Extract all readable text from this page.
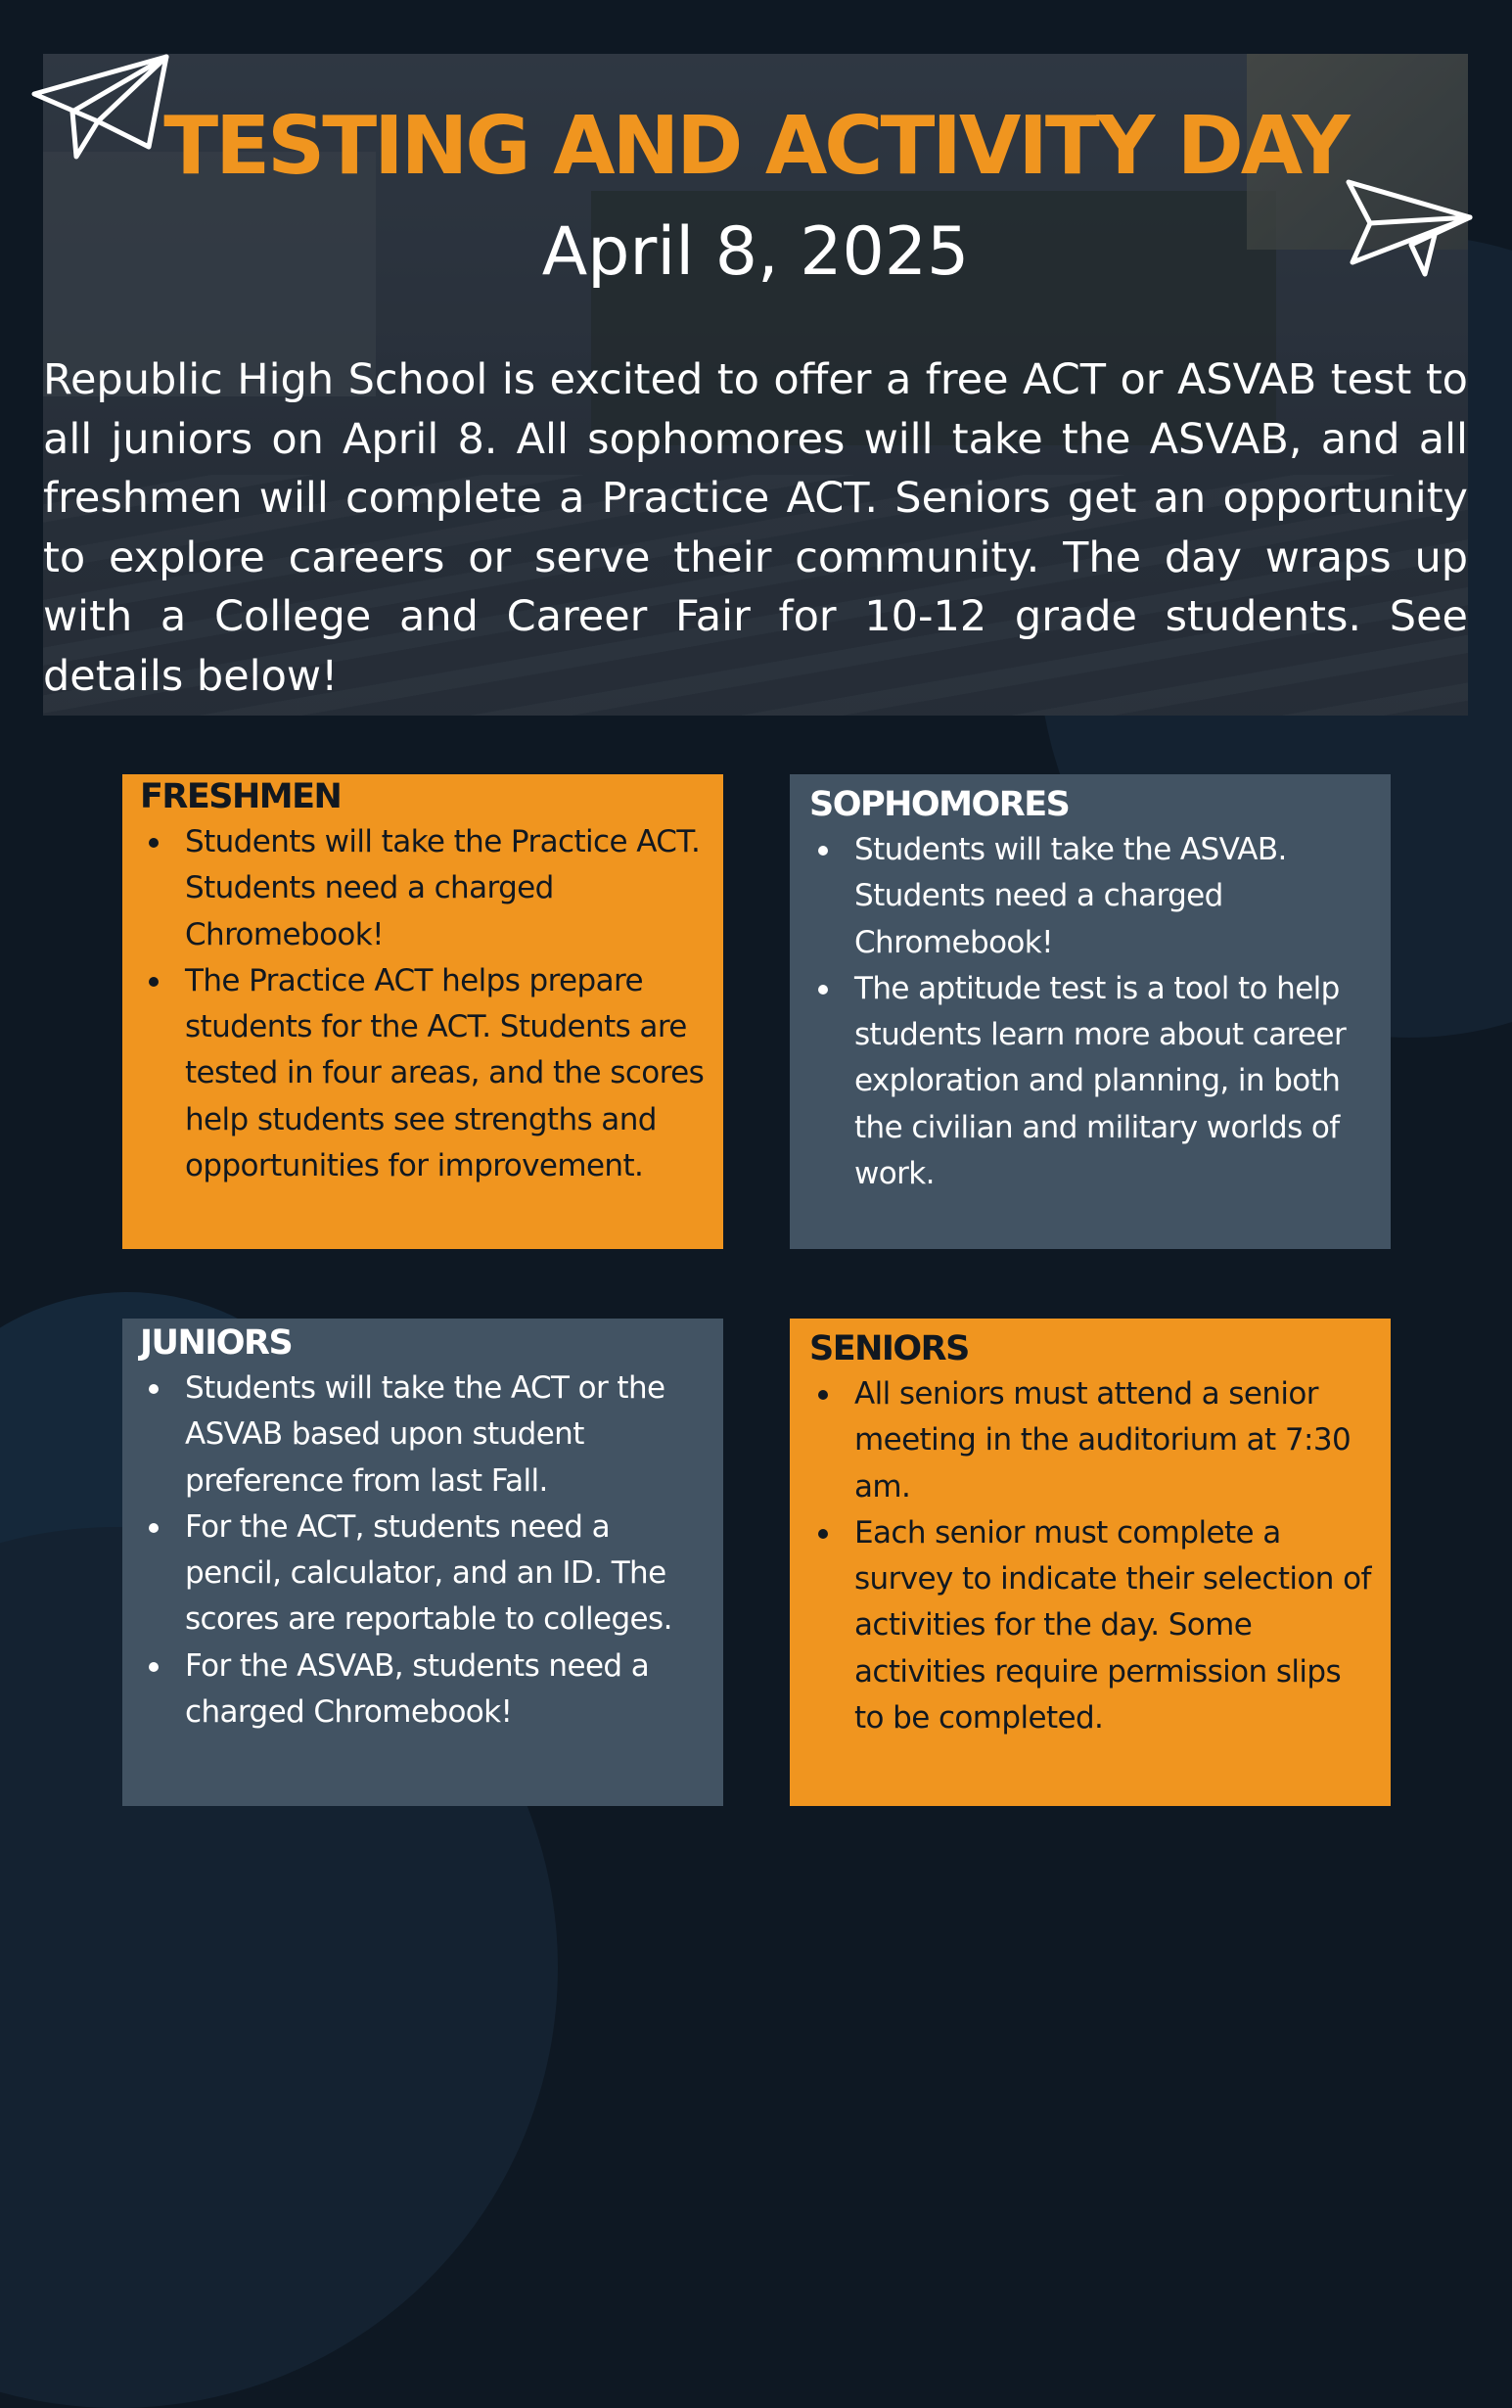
TESTING AND ACTIVITY DAY
April 8, 2025

Republic High School is excited to offer a free ACT or ASVAB test to all juniors on April 8. All sophomores will take the ASVAB, and all freshmen will complete a Practice ACT. Seniors get an opportunity to explore careers or serve their community. The day wraps up with a College and Career Fair for 10-12 grade students. See details below!

FRESHMEN
Students will take the Practice ACT. Students need a charged Chromebook!
The Practice ACT helps prepare students for the ACT. Students are tested in four areas, and the scores help students see strengths and opportunities for improvement.
SOPHOMORES
Students will take the ASVAB. Students need a charged Chromebook!
The aptitude test is a tool to help students learn more about career exploration and planning, in both the civilian and military worlds of work.
JUNIORS
Students will take the ACT or the ASVAB based upon student preference from last Fall.
For the ACT, students need a pencil, calculator, and an ID. The scores are reportable to colleges.
For the ASVAB, students need a charged Chromebook!
SENIORS
All seniors must attend a senior meeting in the auditorium at 7:30 am.
Each senior must complete a survey to indicate their selection of activities for the day. Some activities require permission slips to be completed.
